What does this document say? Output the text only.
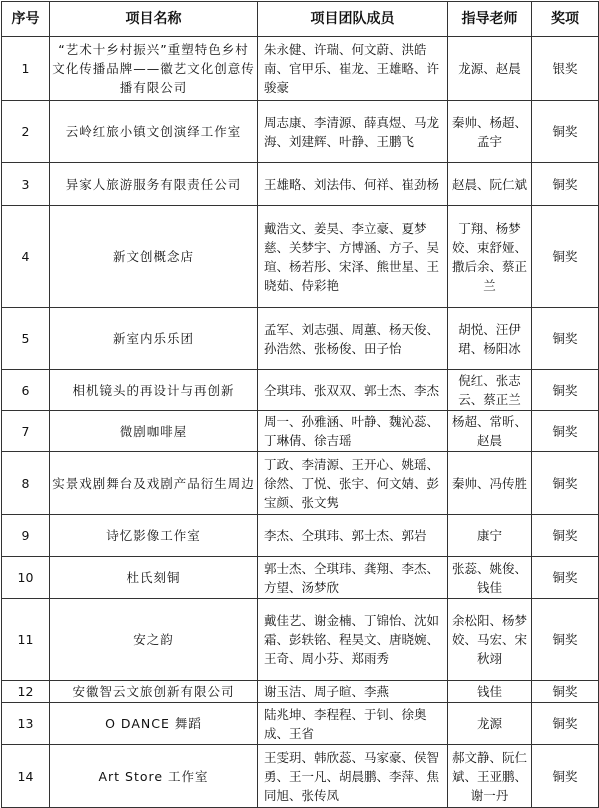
序号	项目名称	项目团队成员	指导老师	奖项
1	“艺术十乡村振兴”重塑特色乡村文化传播品牌——徽艺文化创意传播有限公司	朱永健、许瑞、何文蔚、洪皓南、官甲乐、崔龙、王雄略、许骏豪	龙源、赵晨	银奖
2	云岭红旅小镇文创演绎工作室	周志康、李清源、薛真煜、马龙海、刘建辉、叶静、王鹏飞	秦帅、杨超、孟宇	铜奖
3	异家人旅游服务有限责任公司	王雄略、刘法伟、何祥、崔劲杨	赵晨、阮仁斌	铜奖
4	新文创概念店	戴浩文、姜昊、李立豪、夏梦慈、关梦宇、方博涵、方子、吴瑄、杨若彤、宋泽、熊世星、王晓茹、侍彩艳	丁翔、杨梦姣、束舒娅、撒后余、蔡正兰	铜奖
5	新室内乐乐团	孟军、刘志强、周蕙、杨天俊、孙浩然、张杨俊、田子怡	胡悦、汪伊珺、杨阳冰	铜奖
6	相机镜头的再设计与再创新	仝琪玮、张双双、郭士杰、李杰	倪红、张志云、蔡正兰	铜奖
7	微剧咖啡屋	周一、孙雅涵、叶静、魏沁蕊、丁琳倩、徐吉瑶	杨超、常昕、赵晨	铜奖
8	实景戏剧舞台及戏剧产品衍生周边	丁政、李清源、王开心、姚瑶、徐然、丁悦、张宇、何文婧、彭宝颜、张文隽	秦帅、冯传胜	铜奖
9	诗忆影像工作室	李杰、仝琪玮、郭士杰、郭岩	康宁	铜奖
10	杜氏刻铜	郭士杰、仝琪玮、龚翔、李杰、方望、汤梦欣	张蕊、姚俊、钱佳	铜奖
11	安之韵	戴佳艺、谢金楠、丁锦怡、沈如霜、彭轶铭、程昊文、唐晓婉、王奇、周小芬、郑雨秀	余松阳、杨梦姣、马宏、宋秋翊	铜奖
12	安徽智云文旅创新有限公司	谢玉洁、周子暄、李燕	钱佳	铜奖
13	O DANCE 舞蹈	陆兆坤、李程程、于钊、徐奥成、王省	龙源	铜奖
14	Art Store 工作室	王雯玥、韩欣蕊、马家豪、侯智勇、王一凡、胡晨鹏、李萍、焦同旭、张传凤	郝文静、阮仁斌、王亚鹏、谢一丹	铜奖
